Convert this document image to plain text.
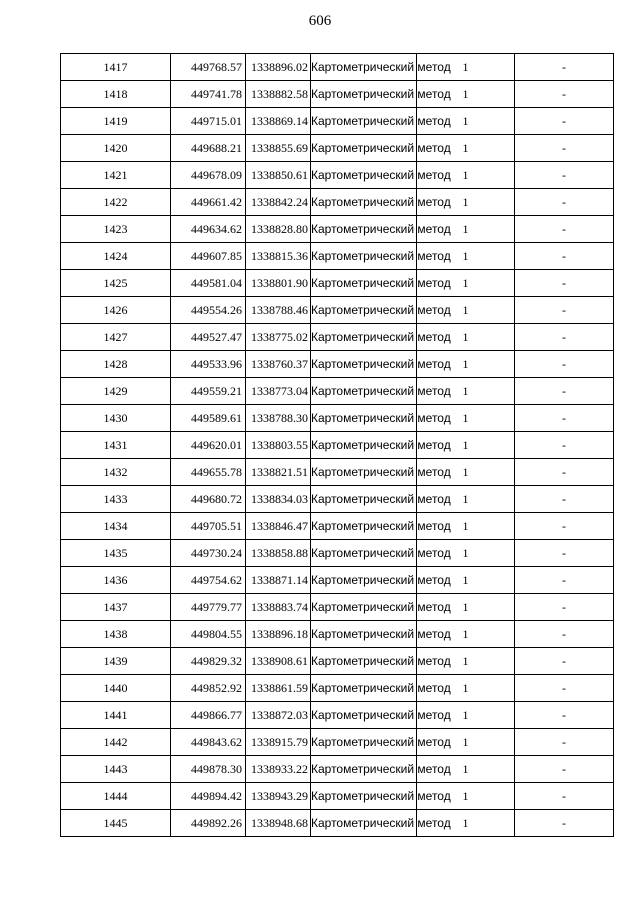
606
1417	449768.57	1338896.02	Картометрический метод	1	-
1418	449741.78	1338882.58	Картометрический метод	1	-
1419	449715.01	1338869.14	Картометрический метод	1	-
1420	449688.21	1338855.69	Картометрический метод	1	-
1421	449678.09	1338850.61	Картометрический метод	1	-
1422	449661.42	1338842.24	Картометрический метод	1	-
1423	449634.62	1338828.80	Картометрический метод	1	-
1424	449607.85	1338815.36	Картометрический метод	1	-
1425	449581.04	1338801.90	Картометрический метод	1	-
1426	449554.26	1338788.46	Картометрический метод	1	-
1427	449527.47	1338775.02	Картометрический метод	1	-
1428	449533.96	1338760.37	Картометрический метод	1	-
1429	449559.21	1338773.04	Картометрический метод	1	-
1430	449589.61	1338788.30	Картометрический метод	1	-
1431	449620.01	1338803.55	Картометрический метод	1	-
1432	449655.78	1338821.51	Картометрический метод	1	-
1433	449680.72	1338834.03	Картометрический метод	1	-
1434	449705.51	1338846.47	Картометрический метод	1	-
1435	449730.24	1338858.88	Картометрический метод	1	-
1436	449754.62	1338871.14	Картометрический метод	1	-
1437	449779.77	1338883.74	Картометрический метод	1	-
1438	449804.55	1338896.18	Картометрический метод	1	-
1439	449829.32	1338908.61	Картометрический метод	1	-
1440	449852.92	1338861.59	Картометрический метод	1	-
1441	449866.77	1338872.03	Картометрический метод	1	-
1442	449843.62	1338915.79	Картометрический метод	1	-
1443	449878.30	1338933.22	Картометрический метод	1	-
1444	449894.42	1338943.29	Картометрический метод	1	-
1445	449892.26	1338948.68	Картометрический метод	1	-
